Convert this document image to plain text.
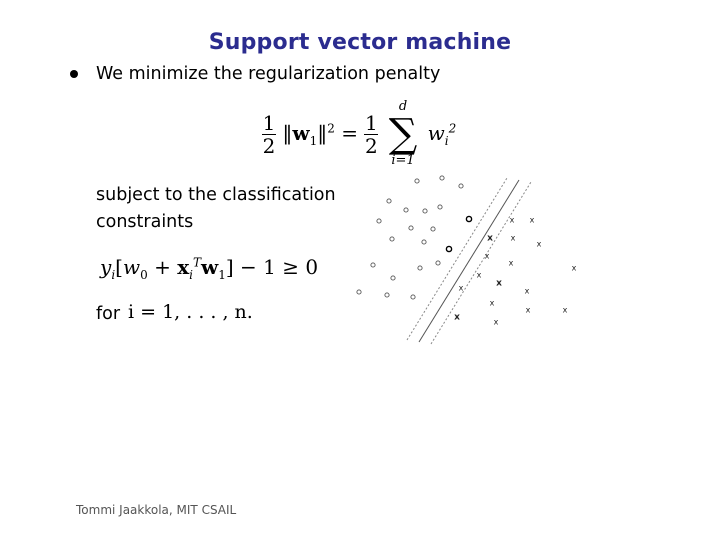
Support vector machine
We minimize the regularization penalty
$\frac{1}{2}$ $‖w_1‖^2 = \frac{1}{2}$

d
∑
i=1
$w_i^2$
subject to the classification
constraints
$y_i[w_0 + x_i^Tw_1] - 1 \ge 0$
for i = 1, . . . , n.
x x
x x
x
x
x
x
x
x
x
x
x
x	x
x	x
Tommi Jaakkola, MIT CSAIL
